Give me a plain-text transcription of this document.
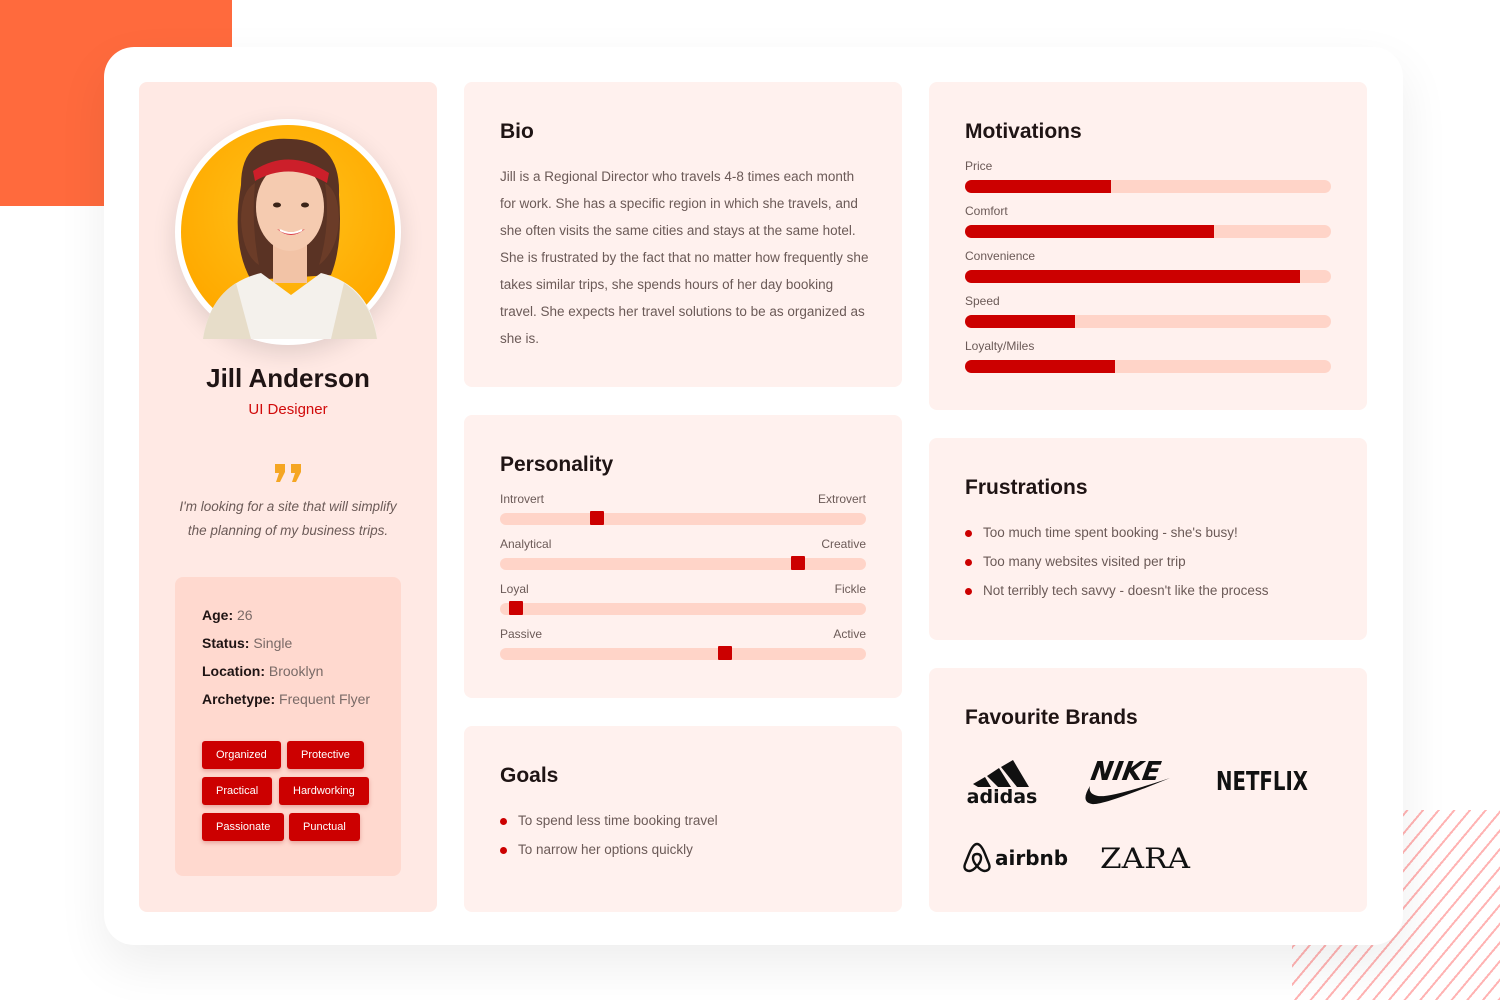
Jill Anderson
UI Designer
I'm looking for a site that will simplify the planning of my business trips.
Age: 26
Status: Single
Location: Brooklyn
Archetype: Frequent Flyer
Organized	Protective
Practical	Hardworking
Passionate	Punctual
Bio
Jill is a Regional Director who travels 4-8 times each month for work. She has a specific region in which she travels, and she often visits the same cities and stays at the same hotel. She is frustrated by the fact that no matter how frequently she takes similar trips, she spends hours of her day booking travel. She expects her travel solutions to be as organized as she is.
Personality
Introvert	Extrovert
Analytical	Creative
Loyal	Fickle
Passive	Active
Goals
To spend less time booking travel
To narrow her options quickly
Motivations
Price
Comfort
Convenience
Speed
Loyalty/Miles
Frustrations
Too much time spent booking - she's busy!
Too many websites visited per trip
Not terribly tech savvy - doesn't like the process
Favourite Brands
adidas
NIKE NETFLIX
airbnb ZARA
